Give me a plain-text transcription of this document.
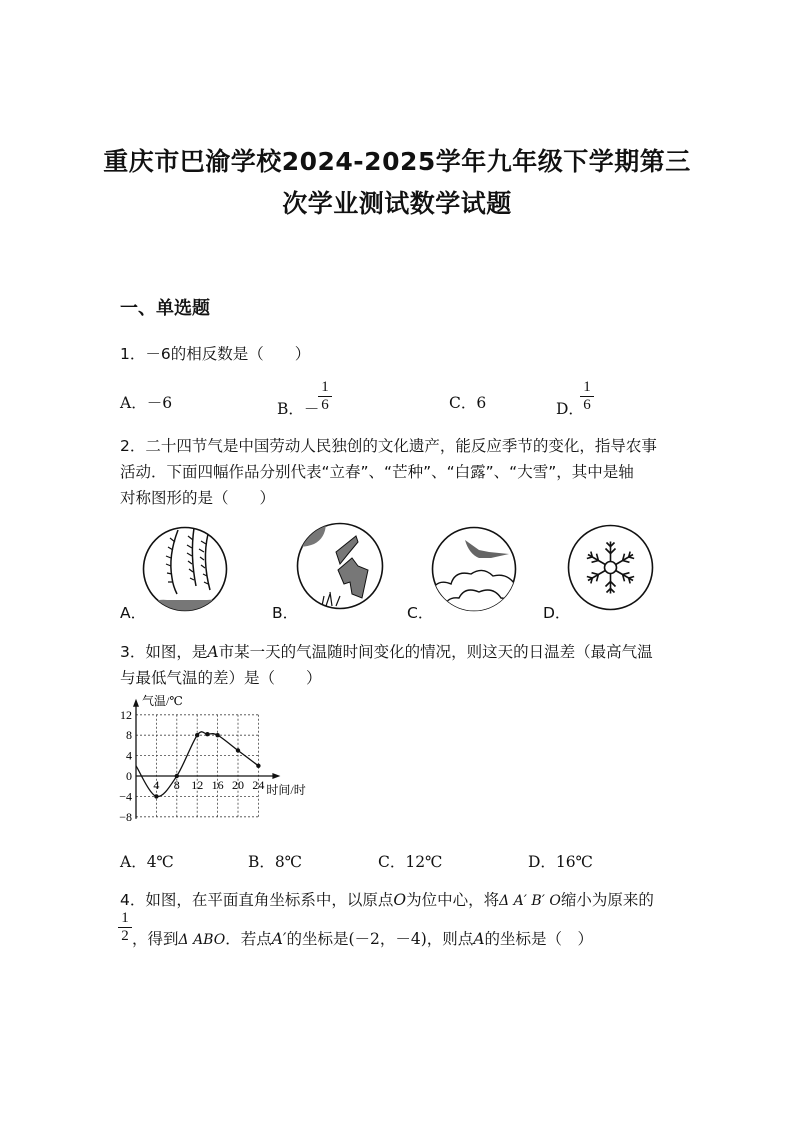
重庆市巴渝学校2024-2025学年九年级下学期第三
次学业测试数学试题
一、单选题
1．－6的相反数是（　　）
A．－6	B．－
1
6	C．6	D．
1
6
2．二十四节气是中国劳动人民独创的文化遗产，能反应季节的变化，指导农事
活动．下面四幅作品分别代表“立春”、“芒种”、“白露”、“大雪”，其中是轴
对称图形的是（　　）
A．	B．	C．	D．
3．如图，是A市某一天的气温随时间变化的情况，则这天的日温差（最高气温
与最低气温的差）是（　　）
12
8
4
0
−4
−8
4 8 12 16 20 24
气温/℃
时间/时
A．4℃	B．8℃	C．12℃	D．16℃
4．如图，在平面直角坐标系中，以原点O为位中心，将Δ A′ B′ O缩小为原来的
1
2 ，得到Δ ABO．若点A′的坐标是(－2，－4)，则点A的坐标是（　）
